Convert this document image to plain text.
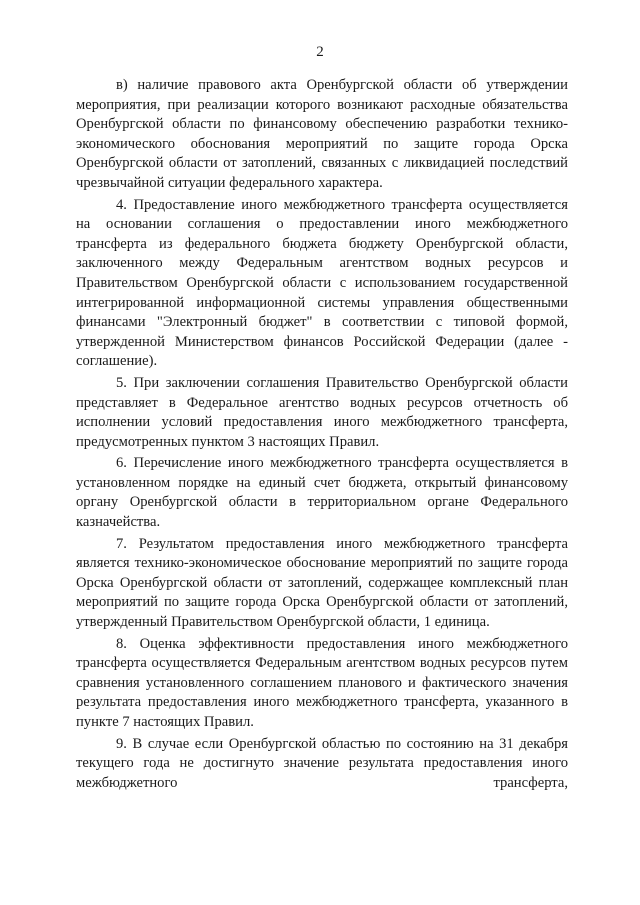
2

в) наличие правового акта Оренбургской области об утверждении мероприятия, при реализации которого возникают расходные обязательства Оренбургской области по финансовому обеспечению разработки технико-экономического обоснования мероприятий по защите города Орска Оренбургской области от затоплений, связанных с ликвидацией последствий чрезвычайной ситуации федерального характера.

4. Предоставление иного межбюджетного трансферта осуществляется на основании соглашения о предоставлении иного межбюджетного трансферта из федерального бюджета бюджету Оренбургской области, заключенного между Федеральным агентством водных ресурсов и Правительством Оренбургской области с использованием государственной интегрированной информационной системы управления общественными финансами "Электронный бюджет" в соответствии с типовой формой, утвержденной Министерством финансов Российской Федерации (далее - соглашение).

5. При заключении соглашения Правительство Оренбургской области представляет в Федеральное агентство водных ресурсов отчетность об исполнении условий предоставления иного межбюджетного трансферта, предусмотренных пунктом 3 настоящих Правил.

6. Перечисление иного межбюджетного трансферта осуществляется в установленном порядке на единый счет бюджета, открытый финансовому органу Оренбургской области в территориальном органе Федерального казначейства.

7. Результатом предоставления иного межбюджетного трансферта является технико-экономическое обоснование мероприятий по защите города Орска Оренбургской области от затоплений, содержащее комплексный план мероприятий по защите города Орска Оренбургской области от затоплений, утвержденный Правительством Оренбургской области, 1 единица.

8. Оценка эффективности предоставления иного межбюджетного трансферта осуществляется Федеральным агентством водных ресурсов путем сравнения установленного соглашением планового и фактического значения результата предоставления иного межбюджетного трансферта, указанного в пункте 7 настоящих Правил.

9. В случае если Оренбургской областью по состоянию на 31 декабря текущего года не достигнуто значение результата предоставления иного межбюджетного трансферта,
